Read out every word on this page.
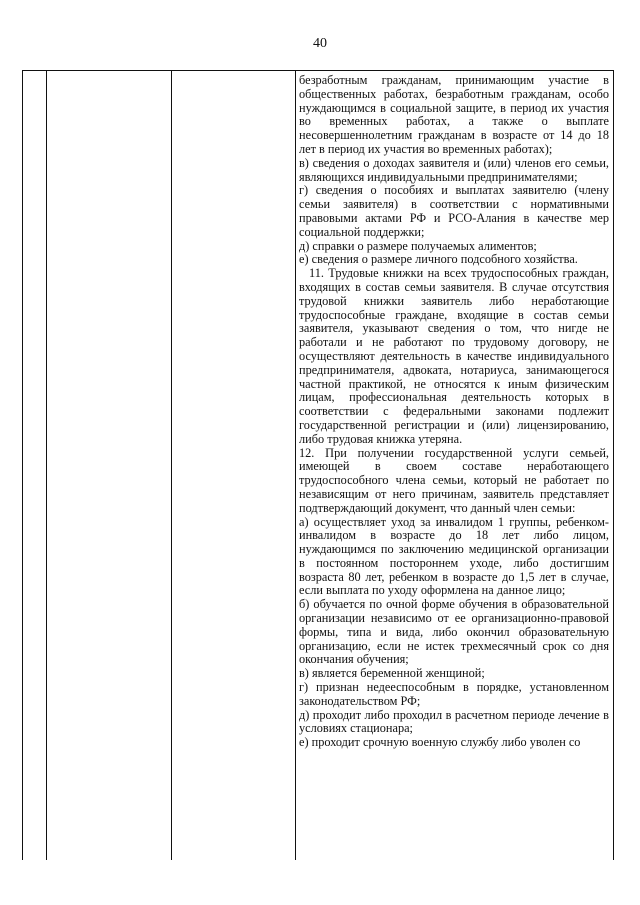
40

безработным гражданам, принимающим участие в общественных работах, безработным гражданам, особо нуждающимся в социальной защите, в период их участия во временных работах, а также о выплате несовершеннолетним гражданам в возрасте от 14 до 18 лет в период их участия во временных работах);

в) сведения о доходах заявителя и (или) членов его семьи, являющихся индивидуальными предпринимателями;

г) сведения о пособиях и выплатах заявителю (члену семьи заявителя) в соответствии с нормативными правовыми актами РФ и РСО-Алания в качестве мер социальной поддержки;

д) справки о размере получаемых алиментов;

е) сведения о размере личного подсобного хозяйства.

11. Трудовые книжки на всех трудоспособных граждан, входящих в состав семьи заявителя. В случае отсутствия трудовой книжки заявитель либо неработающие трудоспособные граждане, входящие в состав семьи заявителя, указывают сведения о том, что нигде не работали и не работают по трудовому договору, не осуществляют деятельность в качестве индивидуального предпринимателя, адвоката, нотариуса, занимающегося частной практикой, не относятся к иным физическим лицам, профессиональная деятельность которых в соответствии с федеральными законами подлежит государственной регистрации и (или) лицензированию, либо трудовая книжка утеряна.

12. При получении государственной услуги семьей, имеющей в своем составе неработающего трудоспособного члена семьи, который не работает по независящим от него причинам, заявитель представляет подтверждающий документ, что данный член семьи:

а) осуществляет уход за инвалидом 1 группы, ребенком-инвалидом в возрасте до 18 лет либо лицом, нуждающимся по заключению медицинской организации в постоянном постороннем уходе, либо достигшим возраста 80 лет, ребенком в возрасте до 1,5 лет в случае, если выплата по уходу оформлена на данное лицо;

б) обучается по очной форме обучения в образовательной организации независимо от ее организационно-правовой формы, типа и вида, либо окончил образовательную организацию, если не истек трехмесячный срок со дня окончания обучения;

в) является беременной женщиной;

г) признан недееспособным в порядке, установленном законодательством РФ;

д) проходит либо проходил в расчетном периоде лечение в условиях стационара;

е) проходит срочную военную службу либо уволен со
